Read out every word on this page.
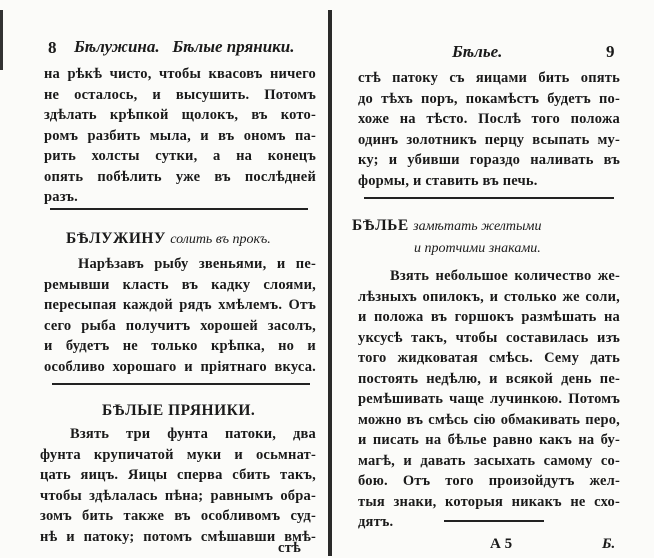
8 Бѣлужина.   Бѣлые пряники.
БѢЛУЖИНУ солить въ прокъ.
БѢЛЫЕ ПРЯНИКИ.
стѣ
на рѣкѣ чисто, чтобы квасовъ ничего
не осталось, и высушить. Потомъ
здѣлать крѣпкой щолокъ, въ кото-
ромъ разбить мыла, и въ ономъ па-
рить холсты сутки, а на конецъ
опять побѣлить уже въ послѣдней
разъ.
Нарѣзавъ рыбу звеньями, и пе-
ремывши класть въ кадку слоями,
пересыпая каждой рядъ хмѣлемъ. Отъ
сего рыба получитъ хорошей засолъ,
и будетъ не только крѣпка, но и
особливо хорошаго и пріятнаго вкуса.
Взять три фунта патоки, два
фунта крупичатой муки и осьмнат-
цать яицъ. Яицы сперва сбить такъ,
чтобы здѣлалась пѣна; равнымъ обра-
зомъ бить также въ особливомъ суд-
нѣ и патоку; потомъ смѣшавши вмѣ-
Бѣлье.	9
БѢЛЬЕ замѣтать желтыми
и протчими знаками.
А 5	Б.
стѣ патоку съ яицами бить опять
до тѣхъ поръ, покамѣстъ будетъ по-
хоже на тѣсто. Послѣ того положа
одинъ золотникъ перцу всыпать му-
ку; и убивши гораздо наливать въ
формы, и ставить въ печь.
Взять небольшое количество же-
лѣзныхъ опилокъ, и столько же соли,
и положа въ горшокъ размѣшать на
уксусѣ такъ, чтобы составилась изъ
того жидковатая смѣсь. Сему дать
постоять недѣлю, и всякой день пе-
ремѣшивать чаще лучинкою. Потомъ
можно въ смѣсь сію обмакивать перо,
и писать на бѣлье равно какъ на бу-
магѣ, и давать засыхать самому со-
бою. Отъ того произойдутъ жел-
тыя знаки, которыя никакъ не схо-
дятъ.
